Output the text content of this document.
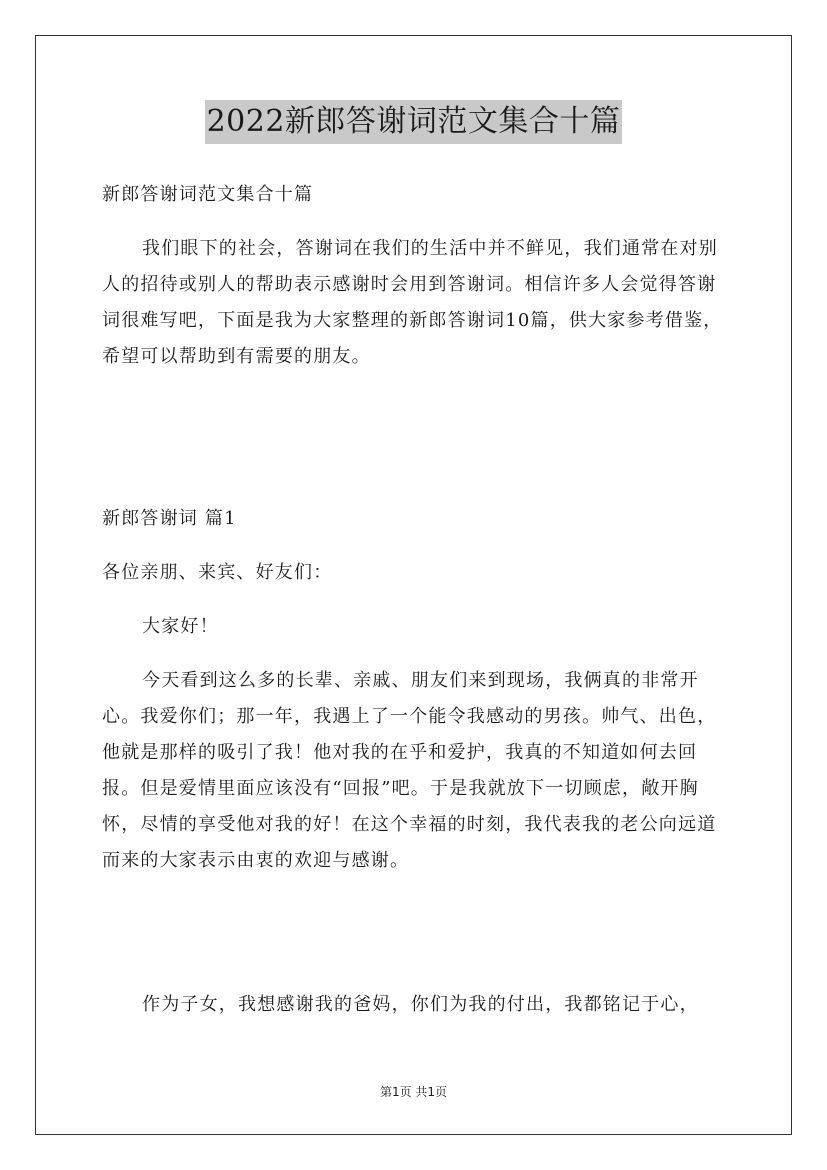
2022新郎答谢词范文集合十篇

新郎答谢词范文集合十篇

我们眼下的社会，答谢词在我们的生活中并不鲜见，我们通常在对别人的招待或别人的帮助表示感谢时会用到答谢词。相信许多人会觉得答谢词很难写吧，下面是我为大家整理的新郎答谢词10篇，供大家参考借鉴，希望可以帮助到有需要的朋友。

新郎答谢词 篇1

各位亲朋、来宾、好友们：

大家好！

今天看到这么多的长辈、亲戚、朋友们来到现场，我俩真的非常开心。我爱你们；那一年，我遇上了一个能令我感动的男孩。帅气、出色，他就是那样的吸引了我！他对我的在乎和爱护，我真的不知道如何去回报。但是爱情里面应该没有“回报”吧。于是我就放下一切顾虑，敞开胸怀，尽情的享受他对我的好！在这个幸福的时刻，我代表我的老公向远道而来的大家表示由衷的欢迎与感谢。

作为子女，我想感谢我的爸妈，你们为我的付出，我都铭记于心，

第1页 共1页
